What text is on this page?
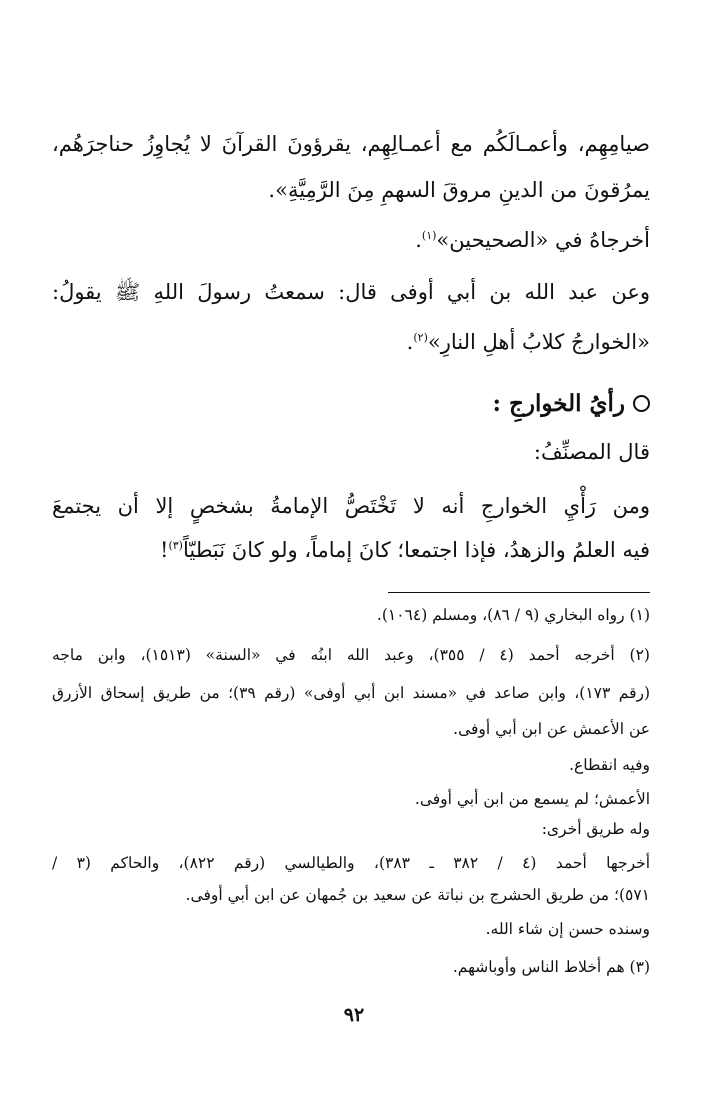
صيامِهِم، وأعمـالَكُم مع أعمـالِهِم، يقرؤونَ القرآنَ لا يُجاوِزُ حناجرَهُم،

يمرُقونَ من الدينِ مروقَ السهمِ مِنَ الرَّمِيَّةِ».

أخرجاهُ في «الصحيحين»$^{(١)}$.

وعن عبد الله بن أبي أوفى قال: سمعتُ رسولَ اللهِ ﷺ يقولُ:

«الخوارجُ كلابُ أهلِ النارِ»$^{(٢)}$.

رأيُ الخوارجِ :

قال المصنِّفُ:

ومن رَأْيِ الخوارجِ أنه لا تَخْتَصُّ الإمامةُ بشخصٍ إلا أن يجتمعَ

فيه العلمُ والزهدُ، فإذا اجتمعا؛ كانَ إماماً، ولو كانَ نَبَطيّاً$^{(٣)}$!

(١) رواه البخاري (٩ / ٨٦)، ومسلم (١٠٦٤).

(٢) أخرجه أحمد (٤ / ٣٥٥)، وعبد الله ابنُه في «السنة» (١٥١٣)، وابن ماجه

(رقم ١٧٣)، وابن صاعد في «مسند ابن أبي أوفى» (رقم ٣٩)؛ من طريق إسحاق الأزرق

عن الأعمش عن ابن أبي أوفى.

وفيه انقطاع.

الأعمش؛ لم يسمع من ابن أبي أوفى.

وله طريق أخرى:

أخرجها أحمد (٤ / ٣٨٢ ـ ٣٨٣)، والطيالسي (رقم ٨٢٢)، والحاكم (٣ /

٥٧١)؛ من طريق الحشرج بن نباتة عن سعيد بن جُمهان عن ابن أبي أوفى.

وسنده حسن إن شاء الله.

(٣) هم أخلاط الناس وأوباشهم.

٩٢
